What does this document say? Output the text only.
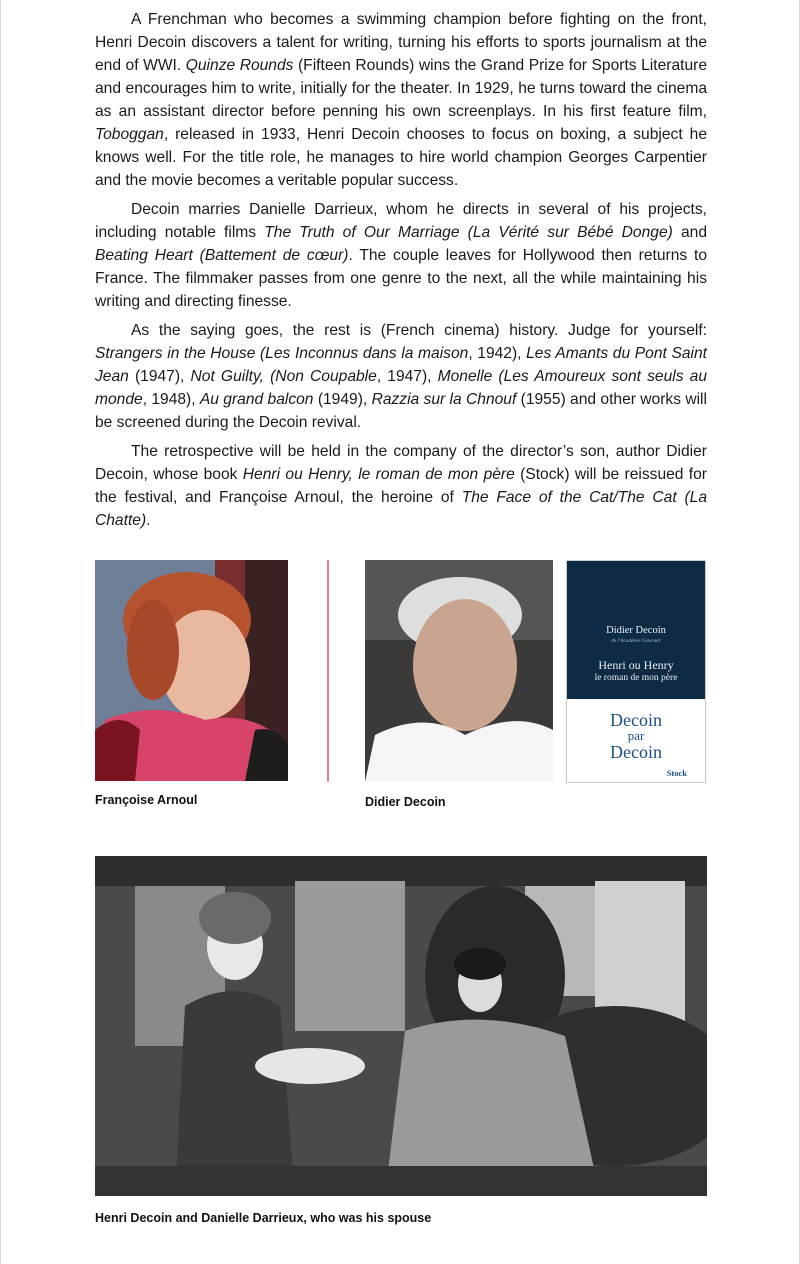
A Frenchman who becomes a swimming champion before fighting on the front, Henri Decoin discovers a talent for writing, turning his efforts to sports journalism at the end of WWI. Quinze Rounds (Fifteen Rounds) wins the Grand Prize for Sports Literature and encourages him to write, initially for the theater. In 1929, he turns toward the cinema as an assistant director before penning his own screenplays. In his first feature film, Toboggan, released in 1933, Henri Decoin chooses to focus on boxing, a subject he knows well. For the title role, he manages to hire world champion Georges Carpentier and the movie becomes a veritable popular success.

Decoin marries Danielle Darrieux, whom he directs in several of his projects, including notable films The Truth of Our Marriage (La Vérité sur Bébé Donge) and Beating Heart (Battement de cœur). The couple leaves for Hollywood then returns to France. The filmmaker passes from one genre to the next, all the while maintaining his writing and directing finesse.

As the saying goes, the rest is (French cinema) history. Judge for yourself: Strangers in the House (Les Inconnus dans la maison, 1942), Les Amants du Pont Saint Jean (1947), Not Guilty, (Non Coupable, 1947), Monelle (Les Amoureux sont seuls au monde, 1948), Au grand balcon (1949), Razzia sur la Chnouf (1955) and other works will be screened during the Decoin revival.

The retrospective will be held in the company of the director’s son, author Didier Decoin, whose book Henri ou Henry, le roman de mon père (Stock) will be reissued for the festival, and Françoise Arnoul, the heroine of The Face of the Cat/The Cat (La Chatte).

Françoise Arnoul	Didier Decoin
Didier Decoin
de l’Académie Goncourt
Henri ou Henry
le roman de mon père
Decoin
par
Decoin
Stock
Henri Decoin and Danielle Darrieux, who was his spouse
